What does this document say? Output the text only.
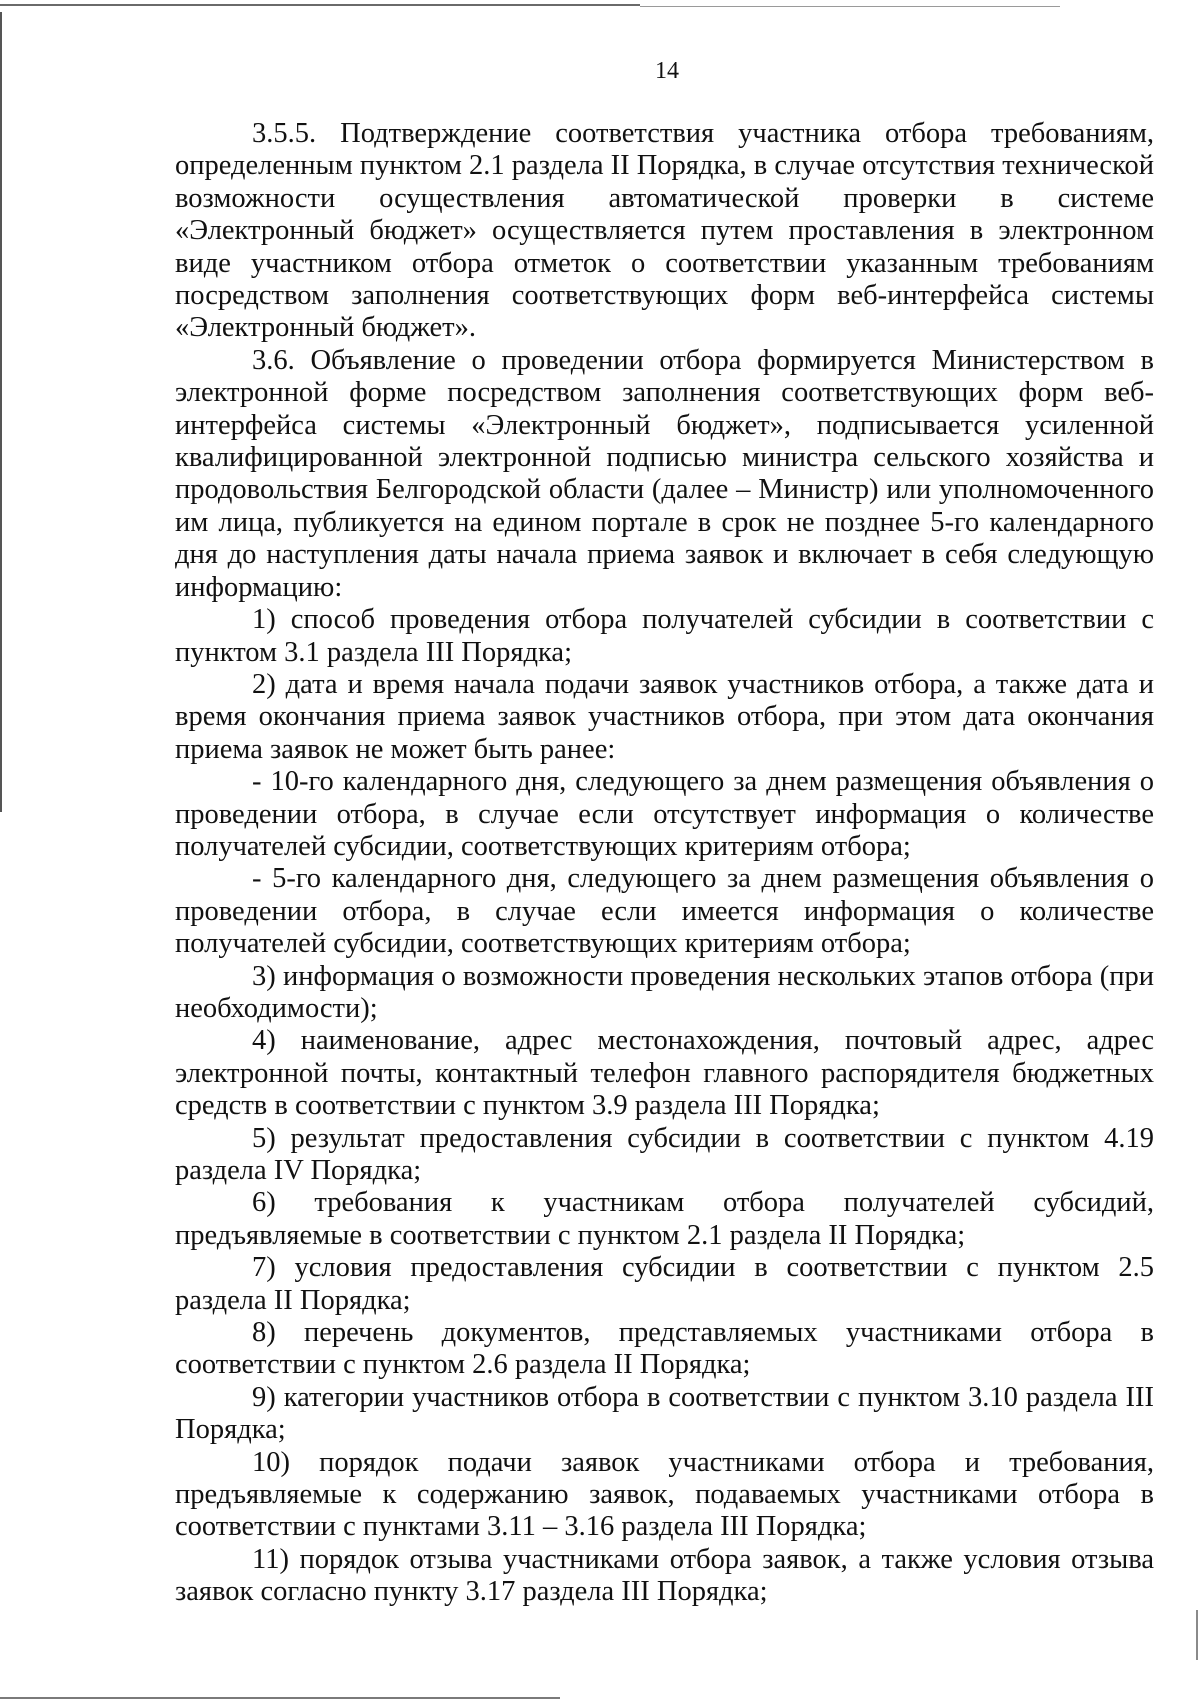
14

3.5.5. Подтверждение соответствия участника отбора требованиям, определенным пунктом 2.1 раздела II Порядка, в случае отсутствия технической возможности осуществления автоматической проверки в системе «Электронный бюджет» осуществляется путем проставления в электронном виде участником отбора отметок о соответствии указанным требованиям посредством заполнения соответствующих форм веб-интерфейса системы «Электронный бюджет».

3.6. Объявление о проведении отбора формируется Министерством в электронной форме посредством заполнения соответствующих форм веб-интерфейса системы «Электронный бюджет», подписывается усиленной квалифицированной электронной подписью министра сельского хозяйства и продовольствия Белгородской области (далее – Министр) или уполномоченного им лица, публикуется на едином портале в срок не позднее 5-го календарного дня до наступления даты начала приема заявок и включает в себя следующую информацию:

1) способ проведения отбора получателей субсидии в соответствии с пунктом 3.1 раздела III Порядка;

2) дата и время начала подачи заявок участников отбора, а также дата и время окончания приема заявок участников отбора, при этом дата окончания приема заявок не может быть ранее:

- 10-го календарного дня, следующего за днем размещения объявления о проведении отбора, в случае если отсутствует информация о количестве получателей субсидии, соответствующих критериям отбора;

- 5-го календарного дня, следующего за днем размещения объявления о проведении отбора, в случае если имеется информация о количестве получателей субсидии, соответствующих критериям отбора;

3) информация о возможности проведения нескольких этапов отбора (при необходимости);

4) наименование, адрес местонахождения, почтовый адрес, адрес электронной почты, контактный телефон главного распорядителя бюджетных средств в соответствии с пунктом 3.9 раздела III Порядка;

5) результат предоставления субсидии в соответствии с пунктом 4.19 раздела IV Порядка;

6) требования к участникам отбора получателей субсидий, предъявляемые в соответствии с пунктом 2.1 раздела II Порядка;

7) условия предоставления субсидии в соответствии с пунктом 2.5 раздела II Порядка;

8) перечень документов, представляемых участниками отбора в соответствии с пунктом 2.6 раздела II Порядка;

9) категории участников отбора в соответствии с пунктом 3.10 раздела III Порядка;

10) порядок подачи заявок участниками отбора и требования, предъявляемые к содержанию заявок, подаваемых участниками отбора в соответствии с пунктами 3.11 – 3.16 раздела III Порядка;

11) порядок отзыва участниками отбора заявок, а также условия отзыва заявок согласно пункту 3.17 раздела III Порядка;
